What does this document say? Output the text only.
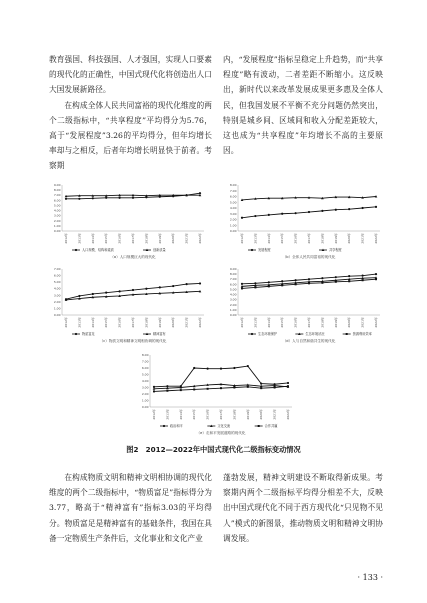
教育强国、科技强国、人才强国，实现人口要素的现代化的正确性，中国式现代化将创造出人口大国发展新路径。

在构成全体人民共同富裕的现代化维度的两个二级指标中，“共享程度”平均得分为5.76，高于“发展程度”3.26的平均得分，但年均增长率却与之相反，后者年均增长明显快于前者。考察期

内，“发展程度”指标呈稳定上升趋势，而“共享程度”略有波动，二者差距不断缩小。这反映出，新时代以来改革发展成果更多惠及全体人民，但我国发展不平衡不充分问题仍然突出，特别是城乡间、区域间和收入分配差距较大，这也成为“共享程度”年均增长不高的主要原因。

0.00
1.00
2.00
3.00
4.00
5.00
6.00
7.00
8.00
9.00
2012年	2013年	2014年	2015年	2016年	2017年	2018年	2019年	2020年	2021年	2022年
人口规模、结构和素质	创新质量
（a）人口规模巨大的现代化
0.00
1.00
2.00
3.00
4.00
5.00
6.00
7.00
8.00
2012年	2013年	2014年	2015年	2016年	2017年	2018年	2019年	2020年	2021年	2022年
发展程度	共享程度
（b）全体人民共同富裕的现代化
0.00
1.00
2.00
3.00
4.00
5.00
6.00
7.00
2012年	2013年	2014年	2015年	2016年	2017年	2018年	2019年	2020年	2021年	2022年
物质富足	精神富有
（c）物质文明和精神文明相协调的现代化
0.00
1.00
2.00
3.00
4.00
5.00
6.00
7.00
8.00
9.00
2012年	2013年	2014年	2015年	2016年	2017年	2018年	2019年	2020年	2021年	2022年
生态环境保护	生态环境状况	资源利用效率
（d）人与自然和谐共生的现代化
0.00
1.00
2.00
3.00
4.00
5.00
6.00
7.00
8.00
2012年	2013年	2014年	2015年	2016年	2017年	2018年	2019年	2020年	2021年	2022年
政治和平	文化交流	合作共赢
（e）走和平发展道路的现代化
图2　2012—2022年中国式现代化二级指标变动情况

在构成物质文明和精神文明相协调的现代化维度的两个二级指标中，“物质富足”指标得分为3.77，略高于“精神富有”指标3.03的平均得分。物质富足是精神富有的基础条件，我国在具备一定物质生产条件后，文化事业和文化产业

蓬勃发展，精神文明建设不断取得新成果。考察期内两个二级指标平均得分相差不大，反映出中国式现代化不同于西方现代化“只见物不见人”模式的新图景，推动物质文明和精神文明协调发展。

· 133 ·
